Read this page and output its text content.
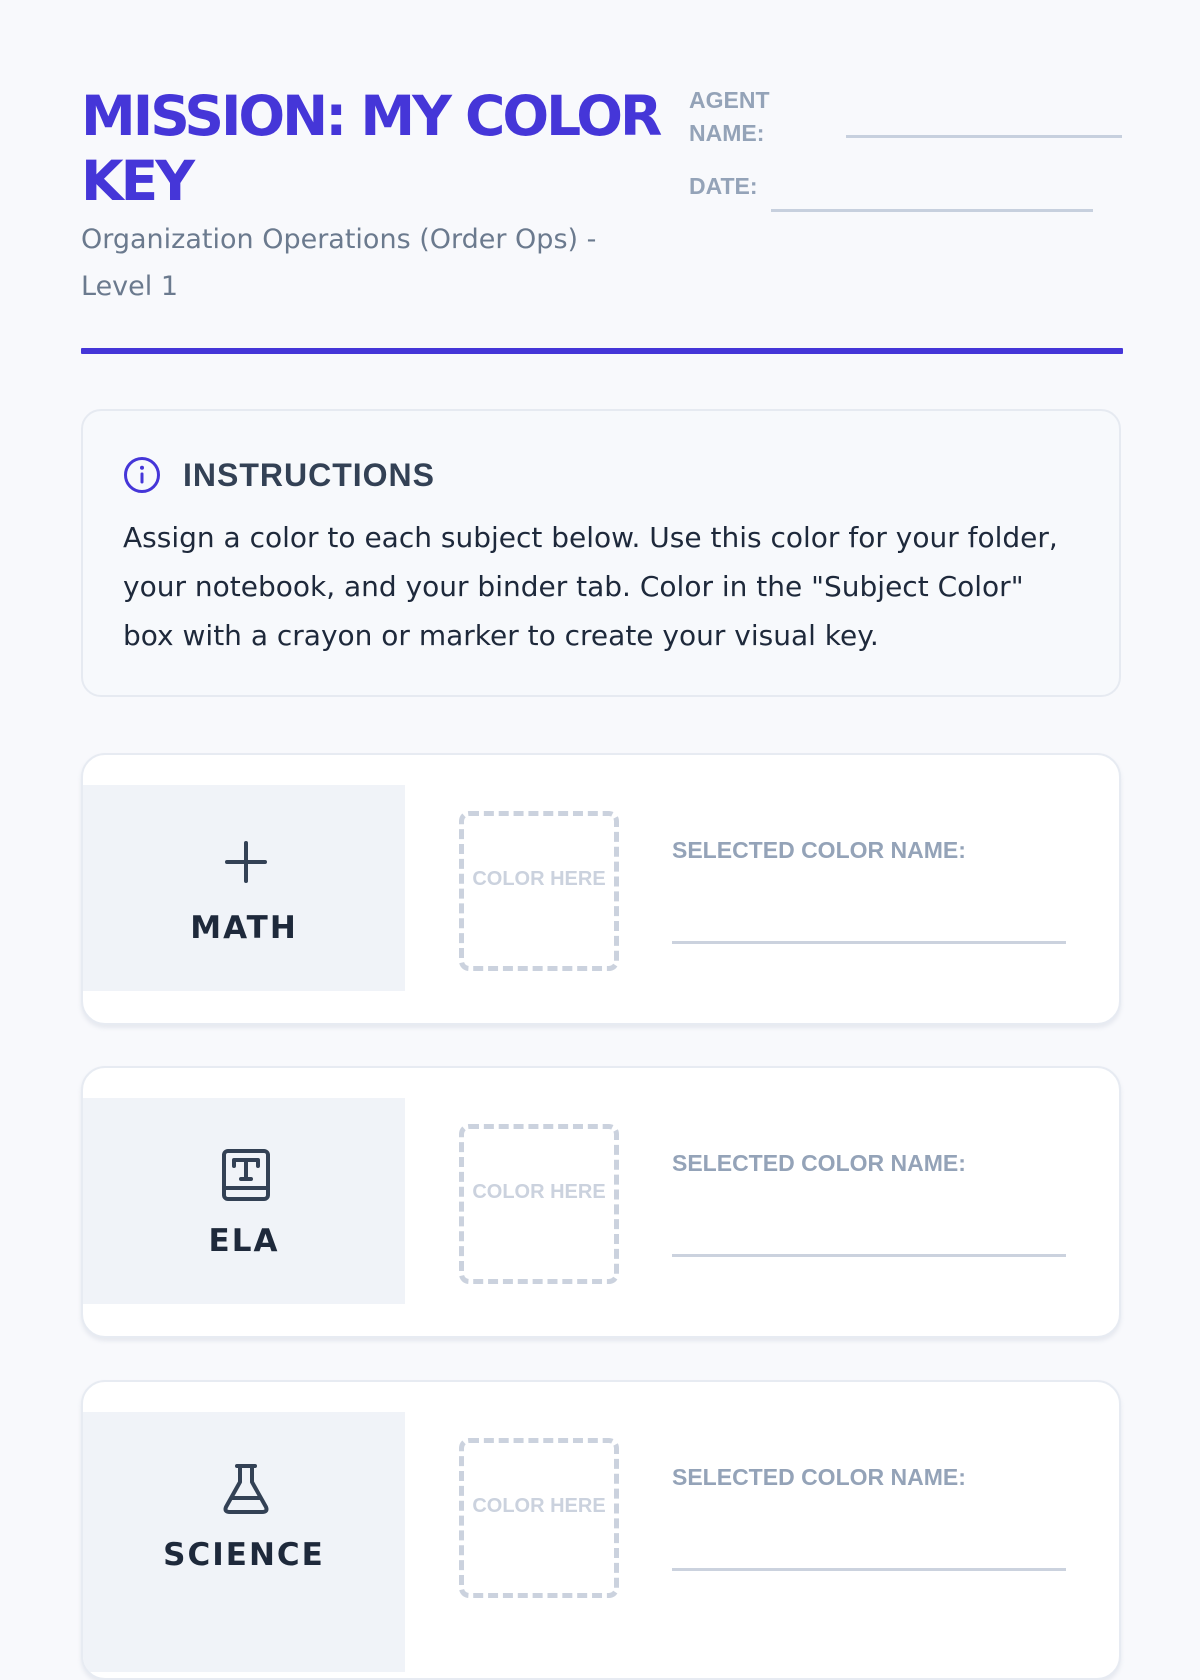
MISSION: MY COLOR KEY
Organization Operations (Order Ops) - Level 1
AGENT NAME:
DATE:
INSTRUCTIONS

Assign a color to each subject below. Use this color for your folder, your notebook, and your binder tab. Color in the "Subject Color" box with a crayon or marker to create your visual key.

MATH
COLOR HERE
SELECTED COLOR NAME:
ELA
COLOR HERE
SELECTED COLOR NAME:
SCIENCE
COLOR HERE
SELECTED COLOR NAME:
